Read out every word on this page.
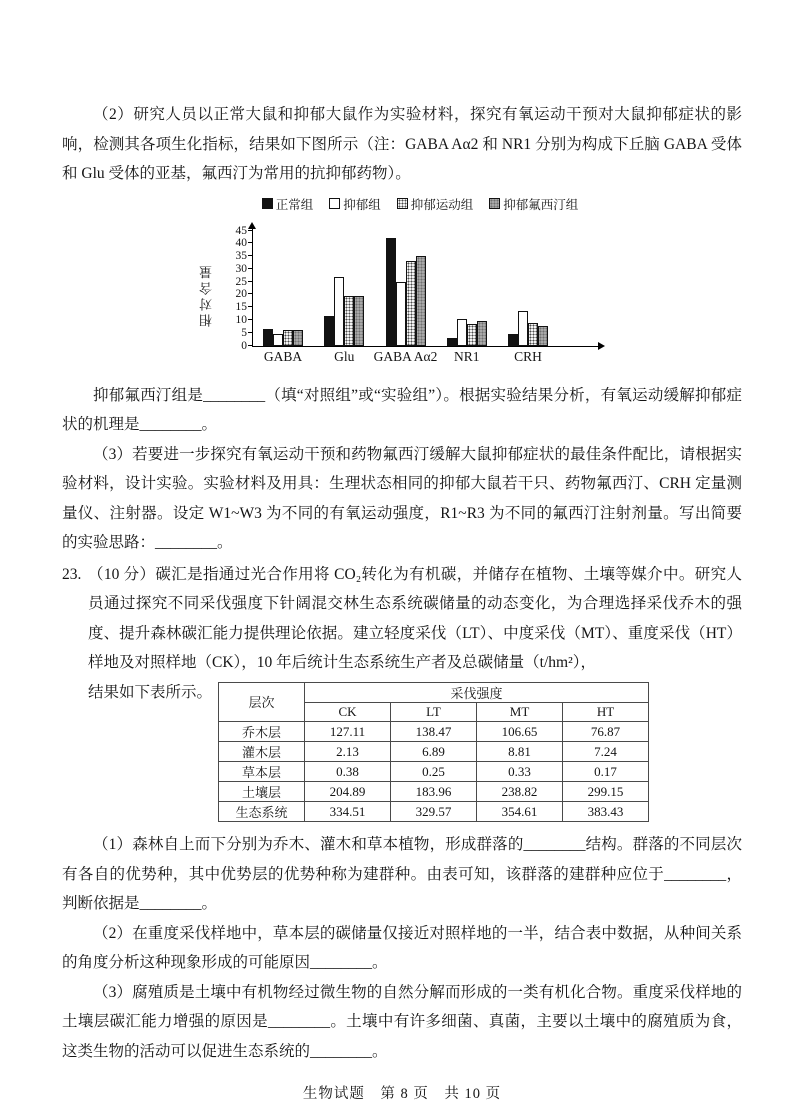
（2）研究人员以正常大鼠和抑郁大鼠作为实验材料，探究有氧运动干预对大鼠抑郁症状的影响，检测其各项生化指标，结果如下图所示（注：GABA Aα2 和 NR1 分别为构成下丘脑 GABA 受体和 Glu 受体的亚基，氟西汀为常用的抗抑郁药物）。

正常组 抑郁组 抑郁运动组 抑郁氟西汀组
相对含量
GABA Glu GABA Aα2 NR1	CRH
0
5
10
15
20
25
30
35
40
45

抑郁氟西汀组是________（填“对照组”或“实验组”）。根据实验结果分析，有氧运动缓解抑郁症状的机理是________。

（3）若要进一步探究有氧运动干预和药物氟西汀缓解大鼠抑郁症状的最佳条件配比，请根据实验材料，设计实验。实验材料及用具：生理状态相同的抑郁大鼠若干只、药物氟西汀、CRH 定量测量仪、注射器。设定 W1~W3 为不同的有氧运动强度，R1~R3 为不同的氟西汀注射剂量。写出简要的实验思路：________。

23. （10 分）碳汇是指通过光合作用将 CO₂转化为有机碳，并储存在植物、土壤等媒介中。研究人员通过探究不同采伐强度下针阔混交林生态系统碳储量的动态变化，为合理选择采伐乔木的强度、提升森林碳汇能力提供理论依据。建立轻度采伐（LT）、中度采伐（MT）、重度采伐（HT）样地及对照样地（CK），10 年后统计生态系统生产者及总碳储量（t/hm²），

结果如下表所示。
层次	采伐强度			
	CK	LT	MT	HT
乔木层	127.11	138.47	106.65	76.87
灌木层	2.13	6.89	8.81	7.24
草本层	0.38	0.25	0.33	0.17
土壤层	204.89	183.96	238.82	299.15
生态系统	334.51	329.57	354.61	383.43

（1）森林自上而下分别为乔木、灌木和草本植物，形成群落的________结构。群落的不同层次有各自的优势种，其中优势层的优势种称为建群种。由表可知，该群落的建群种应位于________，判断依据是________。

（2）在重度采伐样地中，草本层的碳储量仅接近对照样地的一半，结合表中数据，从种间关系的角度分析这种现象形成的可能原因________。

（3）腐殖质是土壤中有机物经过微生物的自然分解而形成的一类有机化合物。重度采伐样地的土壤层碳汇能力增强的原因是________。土壤中有许多细菌、真菌，主要以土壤中的腐殖质为食，这类生物的活动可以促进生态系统的________。

生物试题　第 8 页　共 10 页
